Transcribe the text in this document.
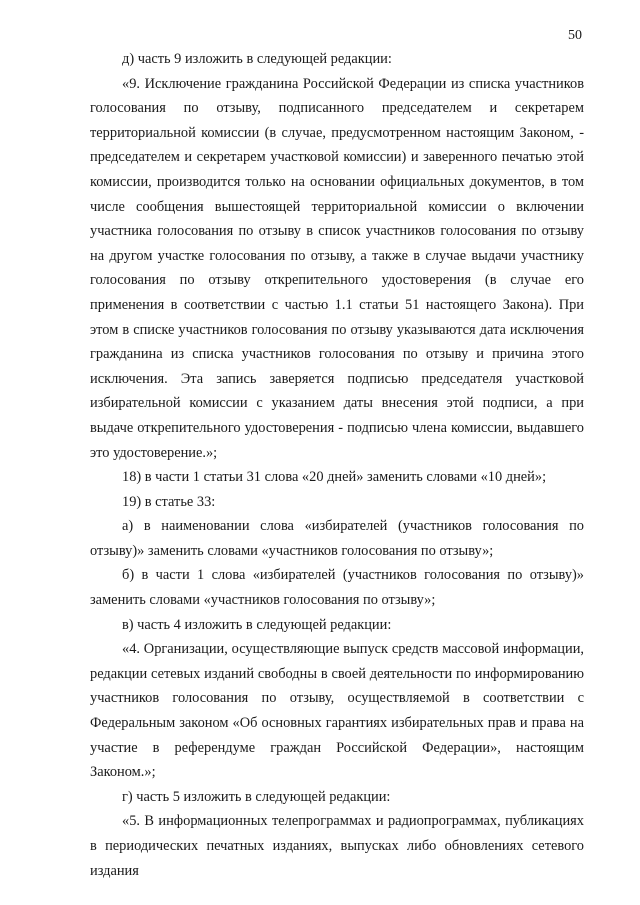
50

д) часть 9 изложить в следующей редакции:

«9. Исключение гражданина Российской Федерации из списка участников голосования по отзыву, подписанного председателем и секретарем территориальной комиссии (в случае, предусмотренном настоящим Законом, - председателем и секретарем участковой комиссии) и заверенного печатью этой комиссии, производится только на основании официальных документов, в том числе сообщения вышестоящей территориальной комиссии о включении участника голосования по отзыву в список участников голосования по отзыву на другом участке голосования по отзыву, а также в случае выдачи участнику голосования по отзыву открепительного удостоверения (в случае его применения в соответствии с частью 1.1 статьи 51 настоящего Закона). При этом в списке участников голосования по отзыву указываются дата исключения гражданина из списка участников голосования по отзыву и причина этого исключения. Эта запись заверяется подписью председателя участковой избирательной комиссии с указанием даты внесения этой подписи, а при выдаче открепительного удостоверения - подписью члена комиссии, выдавшего это удостоверение.»;

18) в части 1 статьи 31 слова «20 дней» заменить словами «10 дней»;

19) в статье 33:

а) в наименовании слова «избирателей (участников голосования по отзыву)» заменить словами «участников голосования по отзыву»;

б) в части 1 слова «избирателей (участников голосования по отзыву)» заменить словами «участников голосования по отзыву»;

в) часть 4 изложить в следующей редакции:

«4. Организации, осуществляющие выпуск средств массовой информации, редакции сетевых изданий свободны в своей деятельности по информированию участников голосования по отзыву, осуществляемой в соответствии с Федеральным законом «Об основных гарантиях избирательных прав и права на участие в референдуме граждан Российской Федерации», настоящим Законом.»;

г) часть 5 изложить в следующей редакции:

«5. В информационных телепрограммах и радиопрограммах, публикациях в периодических печатных изданиях, выпусках либо обновлениях сетевого издания
